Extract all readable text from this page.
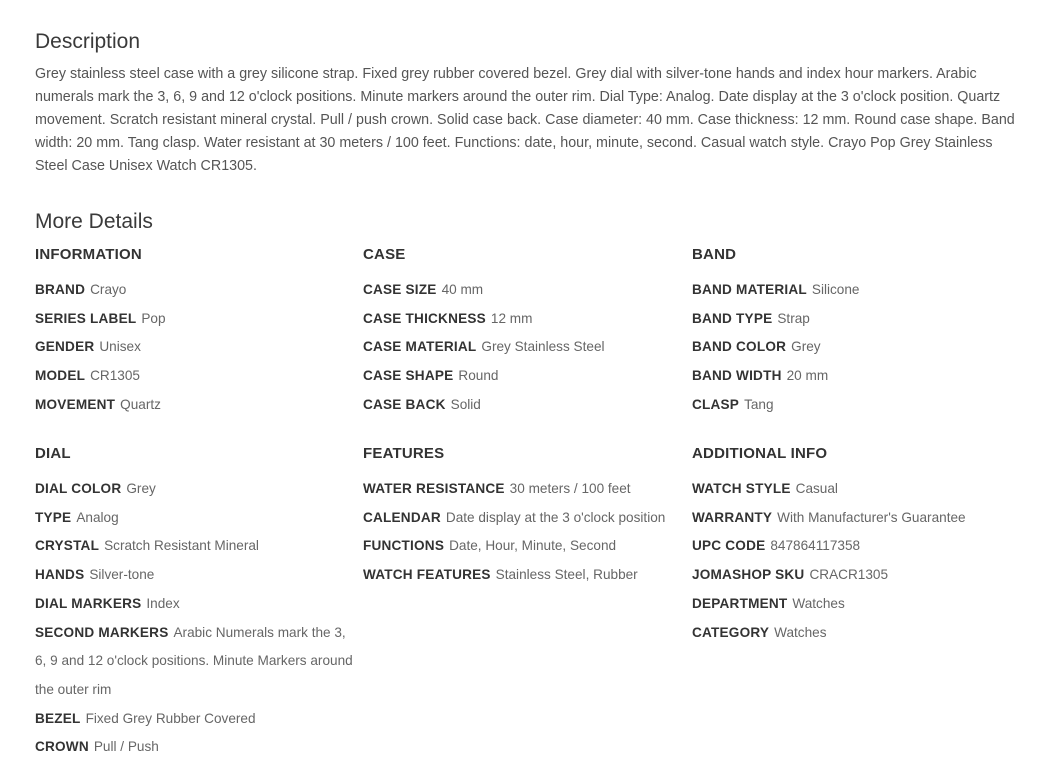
Description

Grey stainless steel case with a grey silicone strap. Fixed grey rubber covered bezel. Grey dial with silver-tone hands and index hour markers. Arabic numerals mark the 3, 6, 9 and 12 o'clock positions. Minute markers around the outer rim. Dial Type: Analog. Date display at the 3 o'clock position. Quartz movement. Scratch resistant mineral crystal. Pull / push crown. Solid case back. Case diameter: 40 mm. Case thickness: 12 mm. Round case shape. Band width: 20 mm. Tang clasp. Water resistant at 30 meters / 100 feet. Functions: date, hour, minute, second. Casual watch style. Crayo Pop Grey Stainless Steel Case Unisex Watch CR1305.

More Details
INFORMATION
BRAND Crayo
SERIES LABEL Pop
GENDER Unisex
MODEL CR1305
MOVEMENT Quartz
CASE
CASE SIZE 40 mm
CASE THICKNESS 12 mm
CASE MATERIAL Grey Stainless Steel
CASE SHAPE Round
CASE BACK Solid
BAND
BAND MATERIAL Silicone
BAND TYPE Strap
BAND COLOR Grey
BAND WIDTH 20 mm
CLASP Tang
DIAL
DIAL COLOR Grey
TYPE Analog
CRYSTAL Scratch Resistant Mineral
HANDS Silver-tone
DIAL MARKERS Index
SECOND MARKERS Arabic Numerals mark the 3, 6, 9 and 12 o'clock positions. Minute Markers around the outer rim
BEZEL Fixed Grey Rubber Covered
CROWN Pull / Push
FEATURES
WATER RESISTANCE 30 meters / 100 feet
CALENDAR Date display at the 3 o'clock position
FUNCTIONS Date, Hour, Minute, Second
WATCH FEATURES Stainless Steel, Rubber
ADDITIONAL INFO
WATCH STYLE Casual
WARRANTY With Manufacturer's Guarantee
UPC CODE 847864117358
JOMASHOP SKU CRACR1305
DEPARTMENT Watches
CATEGORY Watches
